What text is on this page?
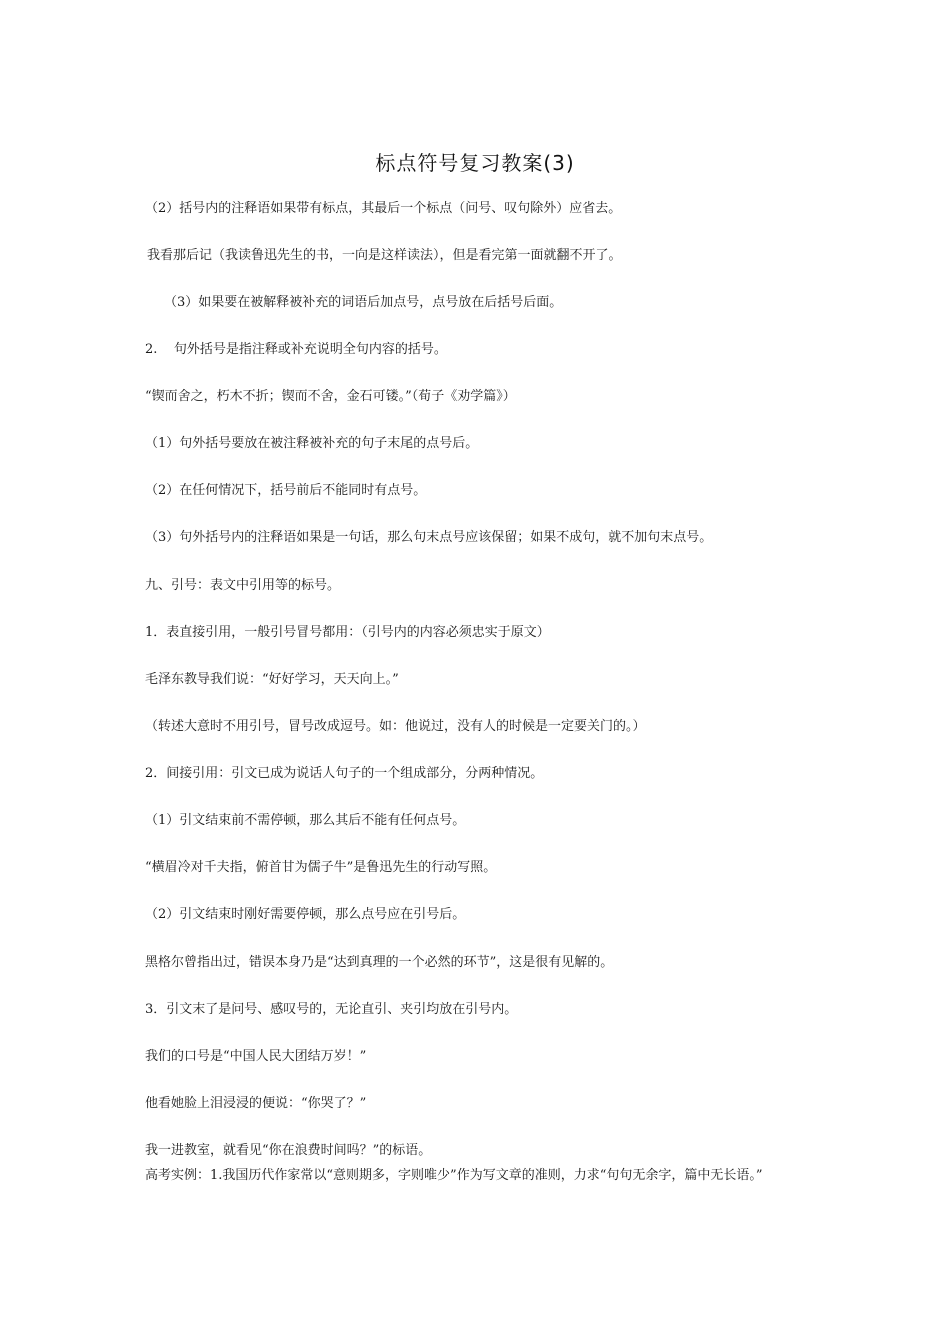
标点符号复习教案(3)

（2）括号内的注释语如果带有标点，其最后一个标点（问号、叹句除外）应省去。

我看那后记（我读鲁迅先生的书，一向是这样读法），但是看完第一面就翻不开了。

（3）如果要在被解释被补充的词语后加点号，点号放在后括号后面。

2.    句外括号是指注释或补充说明全句内容的括号。

“锲而舍之，朽木不折；锲而不舍，金石可镂。”（荀子《劝学篇》）

（1）句外括号要放在被注释被补充的句子末尾的点号后。

（2）在任何情况下，括号前后不能同时有点号。

（3）句外括号内的注释语如果是一句话，那么句末点号应该保留；如果不成句，就不加句末点号。

九、引号：表文中引用等的标号。

1．表直接引用，一般引号冒号都用：（引号内的内容必须忠实于原文）

毛泽东教导我们说：“好好学习，天天向上。”

（转述大意时不用引号，冒号改成逗号。如：他说过，没有人的时候是一定要关门的。）

2．间接引用：引文已成为说话人句子的一个组成部分，分两种情况。

（1）引文结束前不需停顿，那么其后不能有任何点号。

“横眉冷对千夫指，俯首甘为儒子牛”是鲁迅先生的行动写照。

（2）引文结束时刚好需要停顿，那么点号应在引号后。

黑格尔曾指出过，错误本身乃是“达到真理的一个必然的环节”，这是很有见解的。

3．引文末了是问号、感叹号的，无论直引、夹引均放在引号内。

我们的口号是“中国人民大团结万岁！”

他看她脸上泪浸浸的便说：“你哭了？”

我一进教室，就看见“你在浪费时间吗？”的标语。

高考实例：1.我国历代作家常以“意则期多，字则唯少”作为写文章的准则，力求“句句无余字，篇中无长语。”
